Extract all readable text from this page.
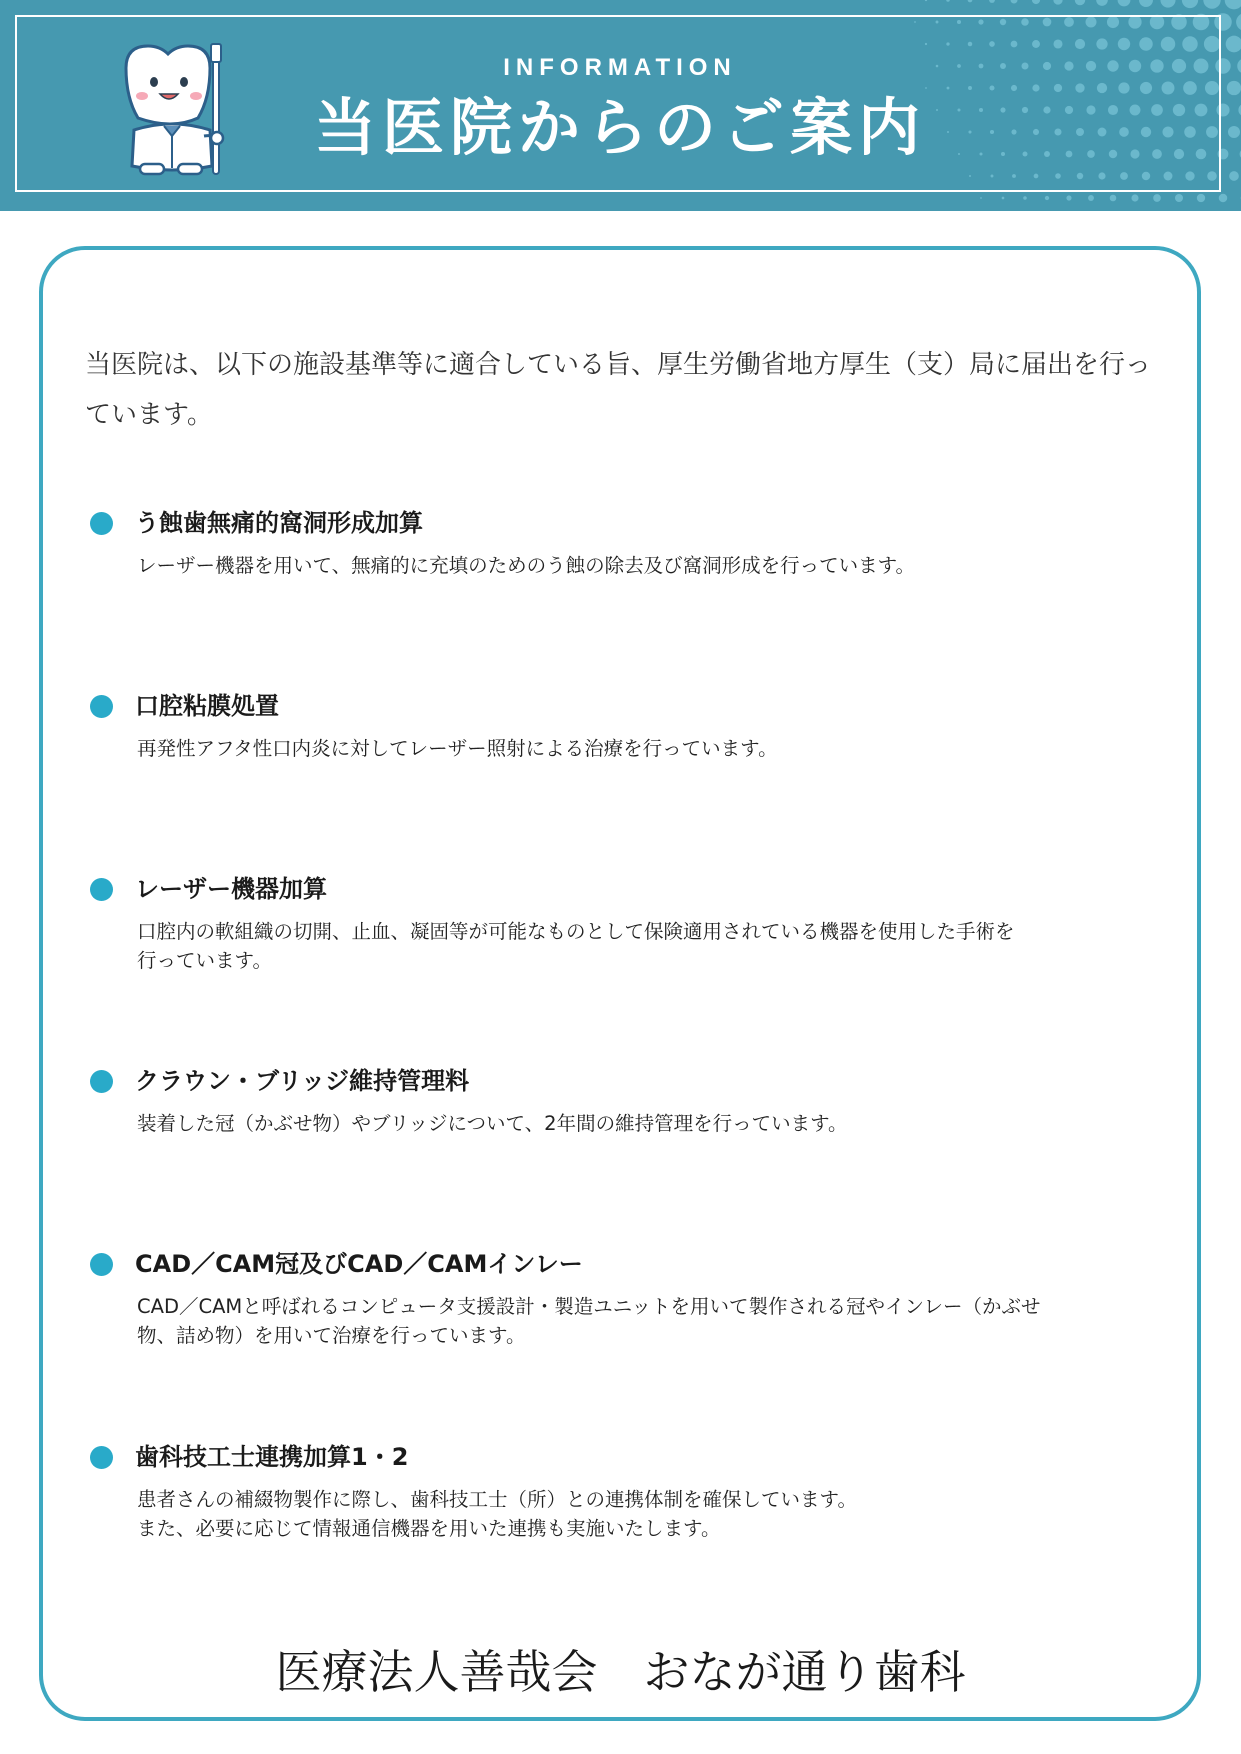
INFORMATION
当医院からのご案内

当医院は、以下の施設基準等に適合している旨、厚生労働省地方厚生（支）局に届出を行っています。

う蝕歯無痛的窩洞形成加算

レーザー機器を用いて、無痛的に充填のためのう蝕の除去及び窩洞形成を行っています。

口腔粘膜処置

再発性アフタ性口内炎に対してレーザー照射による治療を行っています。

レーザー機器加算

口腔内の軟組織の切開、止血、凝固等が可能なものとして保険適用されている機器を使用した手術を
行っています。

クラウン・ブリッジ維持管理料

装着した冠（かぶせ物）やブリッジについて、2年間の維持管理を行っています。

CAD／CAM冠及びCAD／CAMインレー

CAD／CAMと呼ばれるコンピュータ支援設計・製造ユニットを用いて製作される冠やインレー（かぶせ
物、詰め物）を用いて治療を行っています。

歯科技工士連携加算1・2

患者さんの補綴物製作に際し、歯科技工士（所）との連携体制を確保しています。
また、必要に応じて情報通信機器を用いた連携も実施いたします。

医療法人善哉会　おなが通り歯科
